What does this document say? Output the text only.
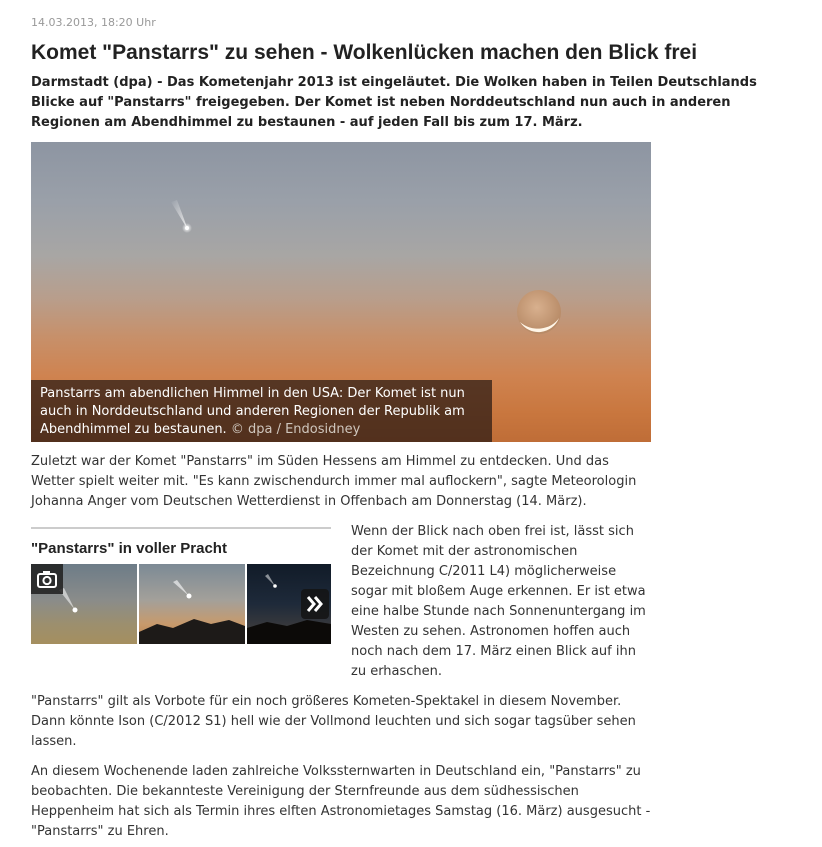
14.03.2013, 18:20 Uhr
Komet "Panstarrs" zu sehen - Wolkenlücken machen den Blick frei

Darmstadt (dpa) - Das Kometenjahr 2013 ist eingeläutet. Die Wolken haben in Teilen Deutschlands Blicke auf "Panstarrs" freigegeben. Der Komet ist neben Norddeutschland nun auch in anderen Regionen am Abendhimmel zu bestaunen - auf jeden Fall bis zum 17. März.

Panstarrs am abendlichen Himmel in den USA: Der Komet ist nun auch in Norddeutschland und anderen Regionen der Republik am Abendhimmel zu bestaunen. © dpa / Endosidney

Zuletzt war der Komet "Panstarrs" im Süden Hessens am Himmel zu entdecken. Und das Wetter spielt weiter mit. "Es kann zwischendurch immer mal auflockern", sagte Meteorologin Johanna Anger vom Deutschen Wetterdienst in Offenbach am Donnerstag (14. März).

"Panstarrs" in voller Pracht

Wenn der Blick nach oben frei ist, lässt sich der Komet mit der astronomischen Bezeichnung C/2011 L4) möglicherweise sogar mit bloßem Auge erkennen. Er ist etwa eine halbe Stunde nach Sonnenuntergang im Westen zu sehen. Astronomen hoffen auch noch nach dem 17. März einen Blick auf ihn zu erhaschen.

"Panstarrs" gilt als Vorbote für ein noch größeres Kometen-Spektakel in diesem November. Dann könnte Ison (C/2012 S1) hell wie der Vollmond leuchten und sich sogar tagsüber sehen lassen.

An diesem Wochenende laden zahlreiche Volkssternwarten in Deutschland ein, "Panstarrs" zu beobachten. Die bekannteste Vereinigung der Sternfreunde aus dem südhessischen Heppenheim hat sich als Termin ihres elften Astronomietages Samstag (16. März) ausgesucht - "Panstarrs" zu Ehren.
